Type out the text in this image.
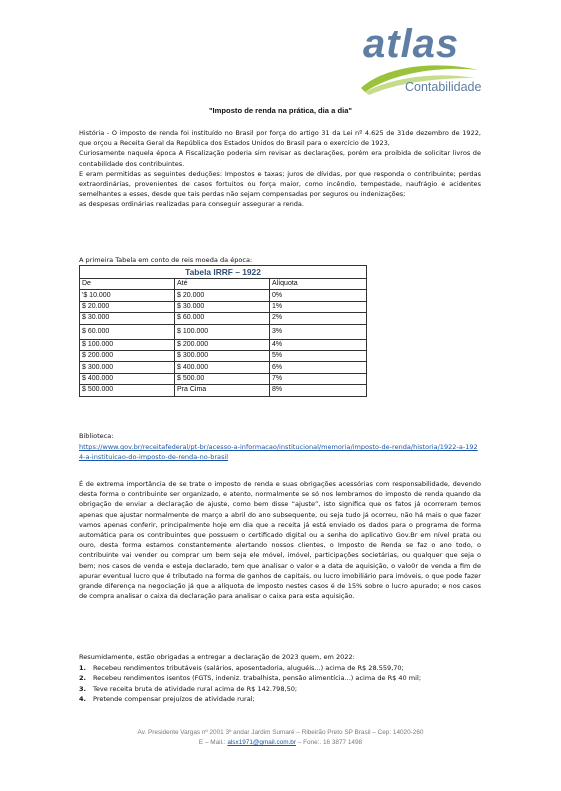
atlas
Contabilidade
"Imposto de renda na prática, dia a dia"

História - O imposto de renda foi instituído no Brasil por força do artigo 31 da Lei nº 4.625 de 31de dezembro de 1922, que orçou a Receita Geral da República dos Estados Unidos do Brasil para o exercício de 1923,

Curiosamente naquela época A Fiscalização poderia sim revisar as declarações, porém era proibida de solicitar livros de contabilidade dos contribuintes.

E eram permitidas as seguintes deduções: Impostos e taxas; juros de dívidas, por que responda o contribuinte; perdas extraordinárias, provenientes de casos fortuitos ou força maior, como incêndio, tempestade, naufrágio e acidentes semelhantes a esses, desde que tais perdas não sejam compensadas por seguros ou indenizações;

as despesas ordinárias realizadas para conseguir assegurar a renda.

A primeira Tabela em conto de reis moeda da época:
Tabela IRRF – 1922		
De	Até	Alíquota
'$ 10.000	$ 20.000	0%
$ 20.000	$ 30.000	1%
$ 30.000	$ 60.000	2%
$ 60.000	$ 100.000	3%
$ 100.000	$ 200.000	4%
$ 200.000	$ 300.000	5%
$ 300.000	$ 400.000	6%
$ 400.000	$ 500.00	7%
$ 500.000	Pra Cima	8%
Biblioteca:
https://www.gov.br/receitafederal/pt-br/acesso-a-informacao/institucional/memoria/imposto-de-renda/historia/1922-a-1924-a-instituicao-do-imposto-de-renda-no-brasil
É de extrema importância de se trate o imposto de renda e suas obrigações acessórias com responsabilidade, devendo desta forma o contribuinte ser organizado, e atento, normalmente se só nos lembramos do imposto de renda quando da obrigação de enviar a declaração de ajuste, como bem disse “ajuste”, isto significa que os fatos já ocorreram temos apenas que ajustar normalmente de março a abril do ano subsequente, ou seja tudo já ocorreu, não há mais o que fazer vamos apenas conferir, principalmente hoje em dia que a receita já está enviado os dados para o programa de forma automática para os contribuintes que possuem o certificado digital ou a senha do aplicativo Gov.Br em nível prata ou ouro, desta forma estamos constantemente alertando nossos clientes, o Imposto de Renda se faz o ano todo, o contribuinte vai vender ou comprar um bem seja ele móvel, imóvel, participações societárias, ou qualquer que seja o bem; nos casos de venda e esteja declarado, tem que analisar o valor e a data de aquisição, o valo0r de venda a fim de apurar eventual lucro que é tributado na forma de ganhos de capitais, ou lucro imobiliário para imóveis, o que pode fazer grande diferença na negociação já que a alíquota de imposto nestes casos é de 15% sobre o lucro apurado; e nos casos de compra analisar o caixa da declaração para analisar o caixa para esta aquisição.
Resumidamente, estão obrigadas a entregar a declaração de 2023 quem, em 2022:
1.	Recebeu rendimentos tributáveis (salários, aposentadoria, aluguéis...) acima de R$ 28.559,70;
2.	Recebeu rendimentos isentos (FGTS, indeniz. trabalhista, pensão alimentícia...) acima de R$ 40 mil;
3.	Teve receita bruta de atividade rural acima de R$ 142.798,50;
4.	Pretende compensar prejuízos de atividade rural;
Av. Presidente Vargas nº 2001 3º andar Jardim Sumaré – Ribeirão Preto SP Brasil – Cep: 14020-260
E – Mail.: alsx1971@gmail.com.br – Fone:. 16 3877 1498
